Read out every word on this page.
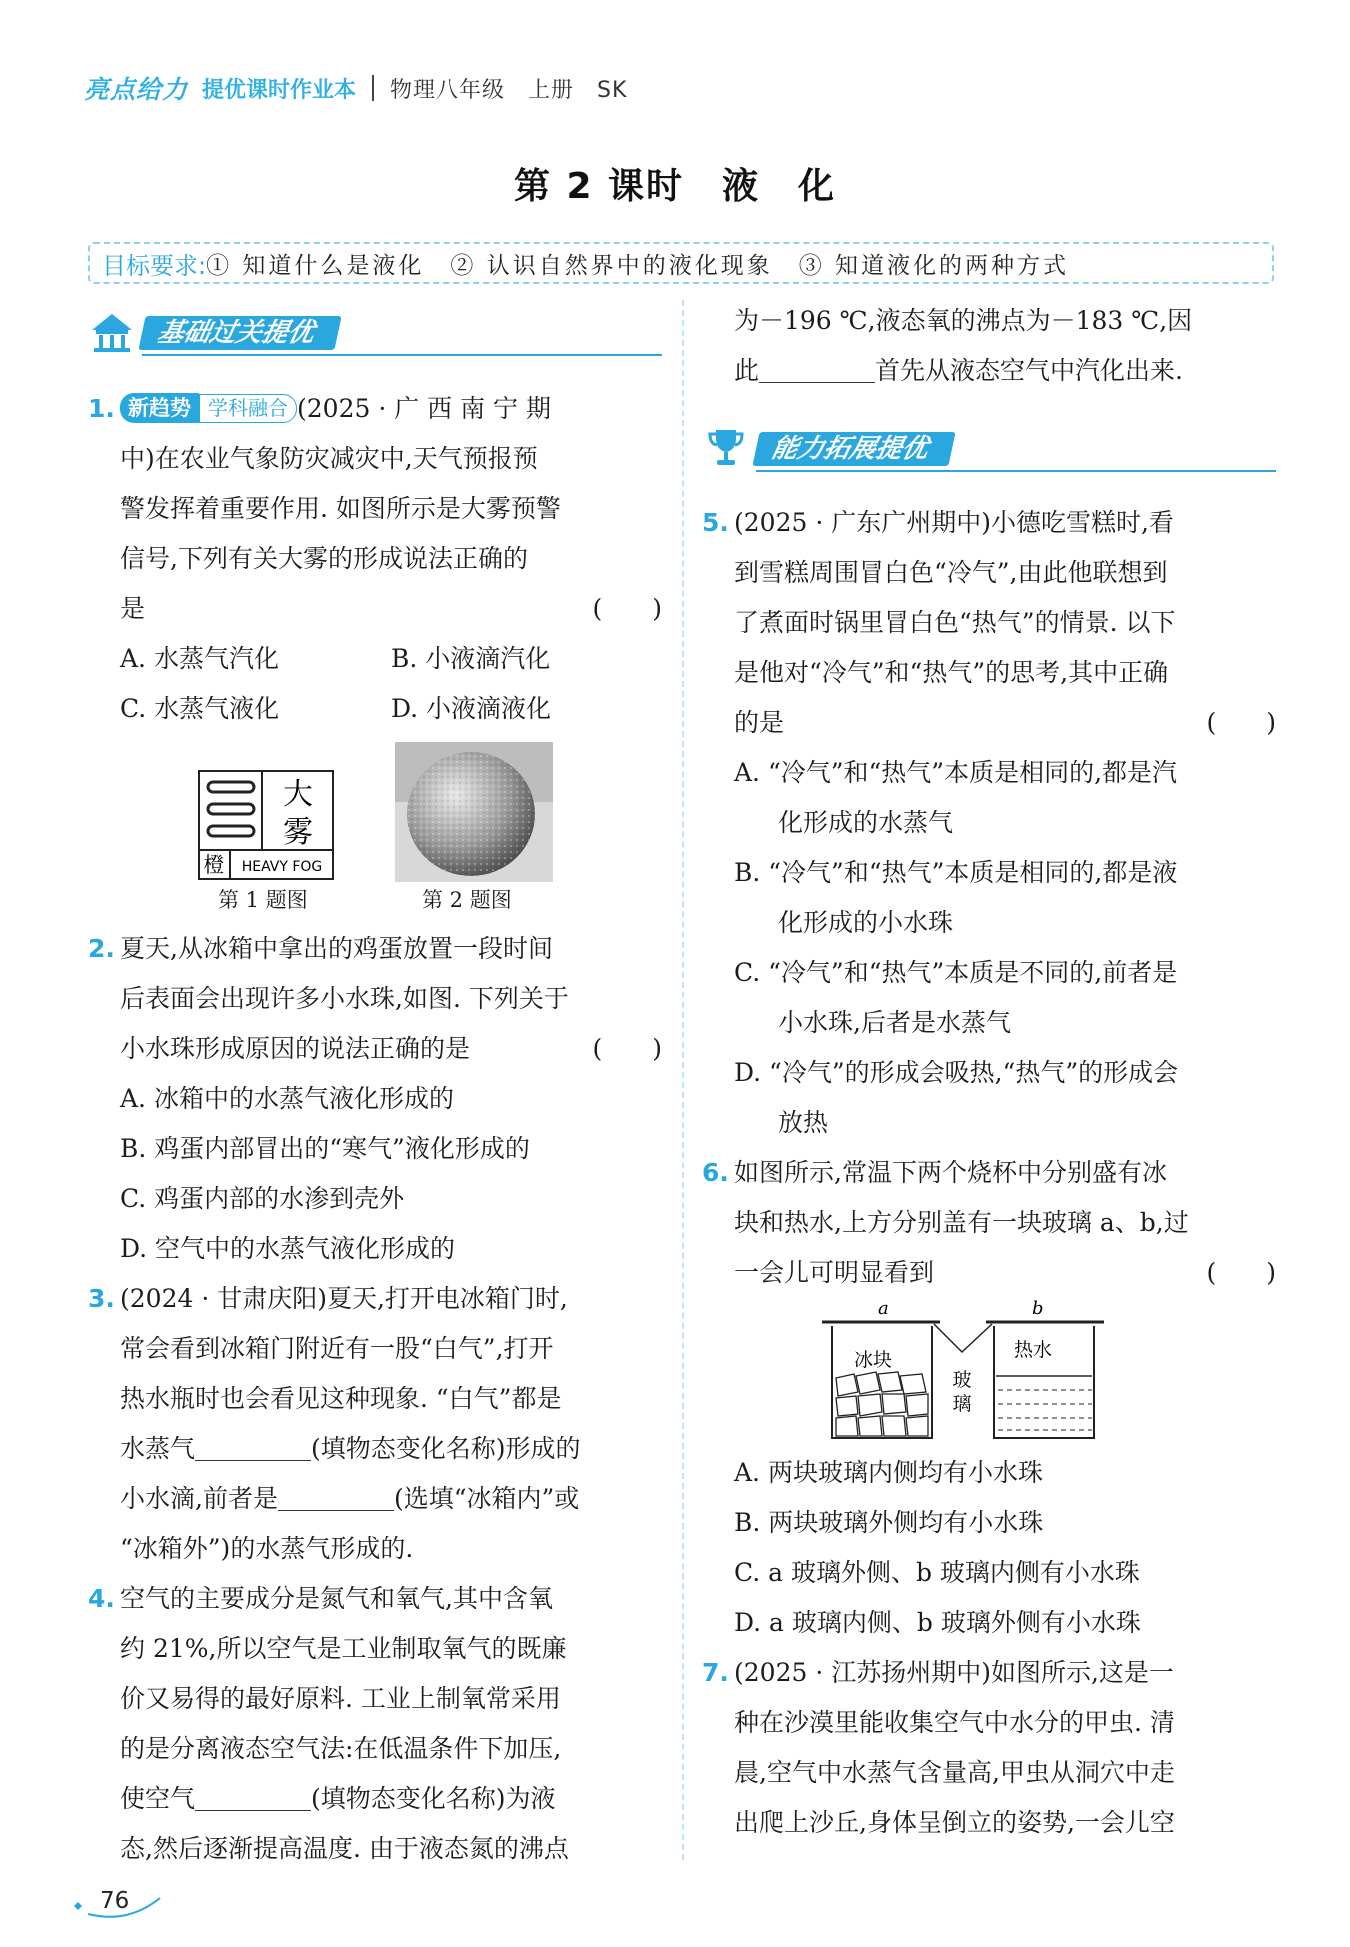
亮点给力 提优课时作业本 物理八年级　上册　SK
第 2 课时　液　化
目标要求: ① 知道什么是液化　② 认识自然界中的液化现象　③ 知道液化的两种方式
基础过关提优

1. 新趋势 学科融合 (2025 · 广 西 南 宁 期

中)在农业气象防灾减灾中,天气预报预

警发挥着重要作用. 如图所示是大雾预警

信号,下列有关大雾的形成说法正确的

是	(　　)

A. 水蒸气汽化	B. 小液滴汽化
C. 水蒸气液化	D. 小液滴液化
大
雾
橙 HEAVY FOG
第 1 题图	第 2 题图

2. 夏天,从冰箱中拿出的鸡蛋放置一段时间

后表面会出现许多小水珠,如图. 下列关于

小水珠形成原因的说法正确的是	(　　)

A. 冰箱中的水蒸气液化形成的

B. 鸡蛋内部冒出的“寒气”液化形成的

C. 鸡蛋内部的水渗到壳外

D. 空气中的水蒸气液化形成的

3. (2024 · 甘肃庆阳)夏天,打开电冰箱门时,

常会看到冰箱门附近有一股“白气”,打开

热水瓶时也会看见这种现象. “白气”都是

水蒸气	(填物态变化名称)形成的

小水滴,前者是	(选填“冰箱内”或

“冰箱外”)的水蒸气形成的.

4. 空气的主要成分是氮气和氧气,其中含氧

约 21%,所以空气是工业制取氧气的既廉

价又易得的最好原料. 工业上制氧常采用

的是分离液态空气法:在低温条件下加压,

使空气	(填物态变化名称)为液

态,然后逐渐提高温度. 由于液态氮的沸点

为－196 ℃,液态氧的沸点为－183 ℃,因

此	首先从液态空气中汽化出来.

能力拓展提优

5. (2025 · 广东广州期中)小德吃雪糕时,看

到雪糕周围冒白色“冷气”,由此他联想到

了煮面时锅里冒白色“热气”的情景. 以下

是他对“冷气”和“热气”的思考,其中正确

的是	(　　)

A. “冷气”和“热气”本质是相同的,都是汽

化形成的水蒸气

B. “冷气”和“热气”本质是相同的,都是液

化形成的小水珠

C. “冷气”和“热气”本质是不同的,前者是

小水珠,后者是水蒸气

D. “冷气”的形成会吸热,“热气”的形成会

放热

6. 如图所示,常温下两个烧杯中分别盛有冰

块和热水,上方分别盖有一块玻璃 a、b,过

一会儿可明显看到	(　　)

a	b
冰块	热水
玻
璃

A. 两块玻璃内侧均有小水珠

B. 两块玻璃外侧均有小水珠

C. a 玻璃外侧、b 玻璃内侧有小水珠

D. a 玻璃内侧、b 玻璃外侧有小水珠

7. (2025 · 江苏扬州期中)如图所示,这是一

种在沙漠里能收集空气中水分的甲虫. 清

晨,空气中水蒸气含量高,甲虫从洞穴中走

出爬上沙丘,身体呈倒立的姿势,一会儿空

76
